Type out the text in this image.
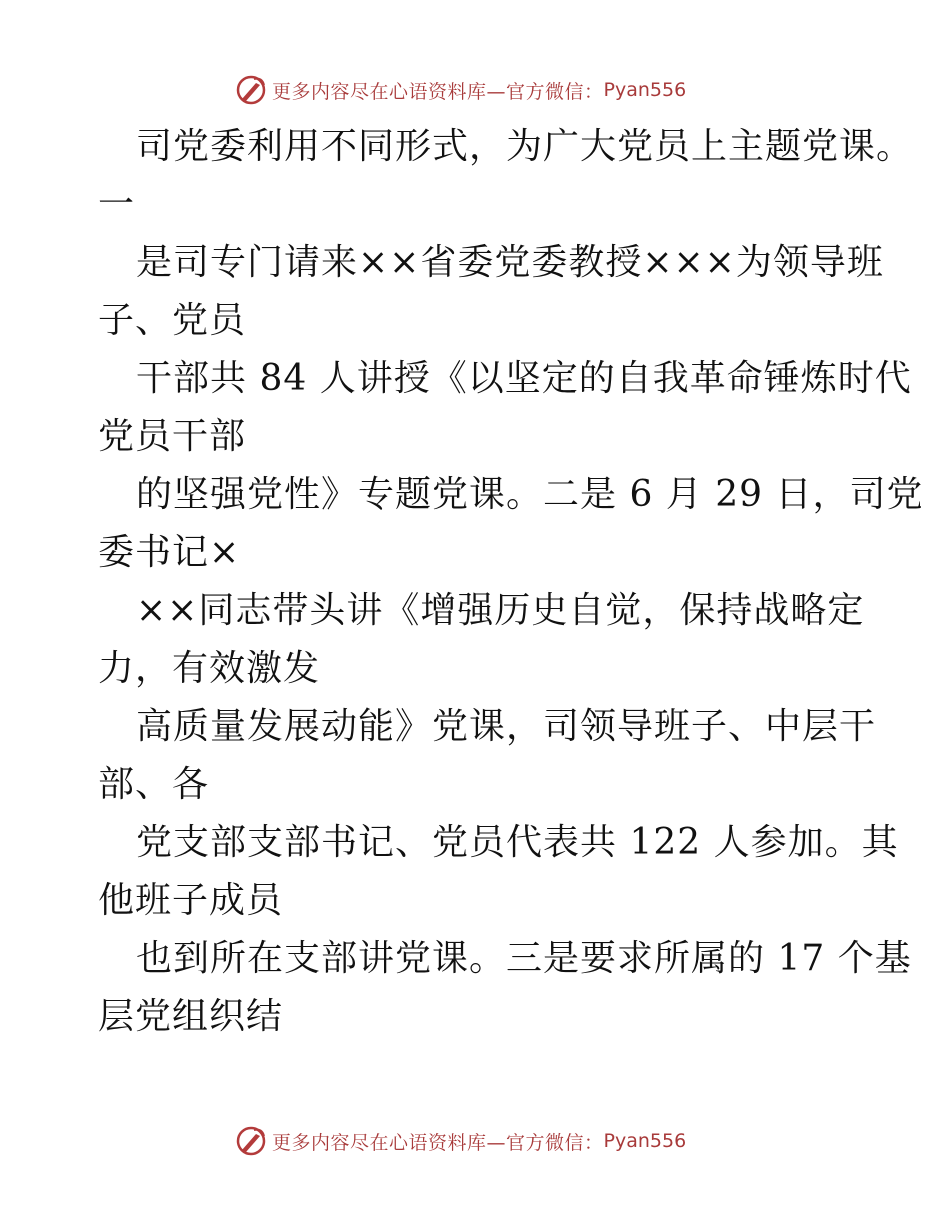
更多内容尽在心语资料库—官方微信： Pyan556
司党委利用不同形式，为广大党员上主题党课。
一
是司专门请来××省委党委教授×××为领导班
子、党员
干部共 84 人讲授《以坚定的自我革命锤炼时代
党员干部
的坚强党性》专题党课。二是 6 月 29 日，司党
委书记×
××同志带头讲《增强历史自觉，保持战略定
力，有效激发
高质量发展动能》党课，司领导班子、中层干
部、各
党支部支部书记、党员代表共 122 人参加。其
他班子成员
也到所在支部讲党课。三是要求所属的 17 个基
层党组织结
更多内容尽在心语资料库—官方微信： Pyan556
